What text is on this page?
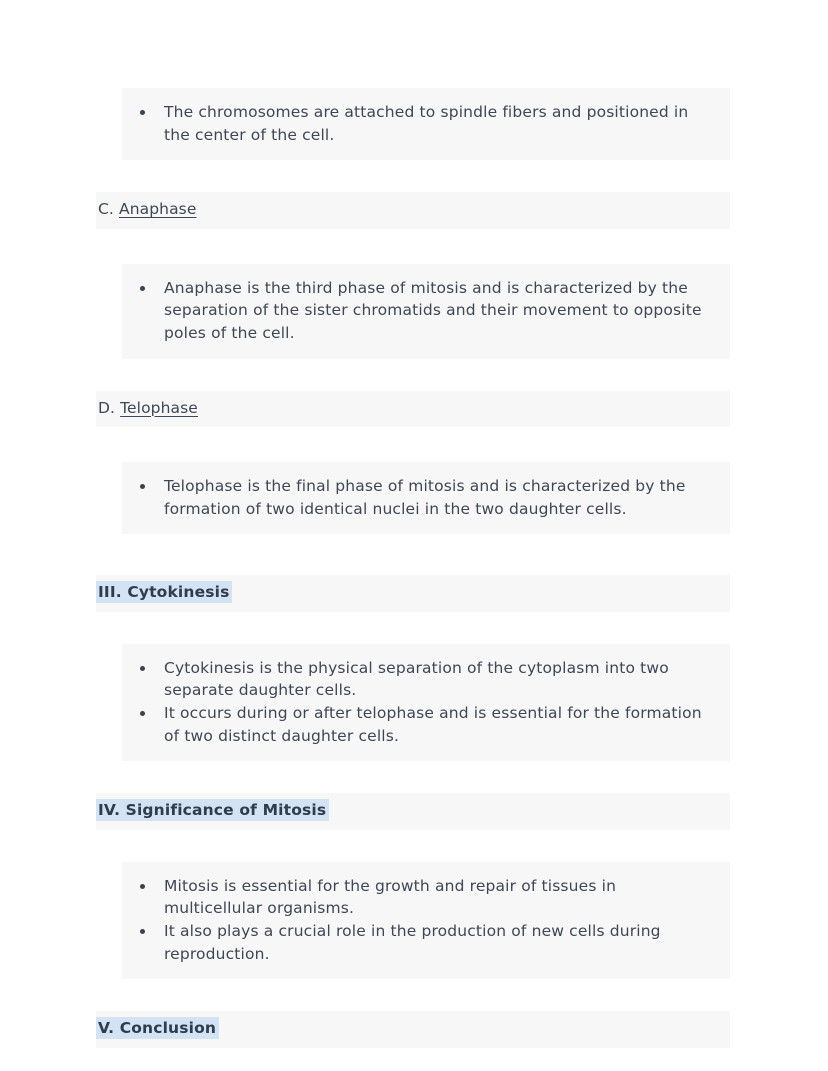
The chromosomes are attached to spindle fibers and positioned in the center of the cell.
C. Anaphase
Anaphase is the third phase of mitosis and is characterized by the separation of the sister chromatids and their movement to opposite poles of the cell.
D. Telophase
Telophase is the final phase of mitosis and is characterized by the formation of two identical nuclei in the two daughter cells.
III. Cytokinesis
Cytokinesis is the physical separation of the cytoplasm into two separate daughter cells.
It occurs during or after telophase and is essential for the formation of two distinct daughter cells.
IV. Significance of Mitosis
Mitosis is essential for the growth and repair of tissues in multicellular organisms.
It also plays a crucial role in the production of new cells during reproduction.
V. Conclusion
